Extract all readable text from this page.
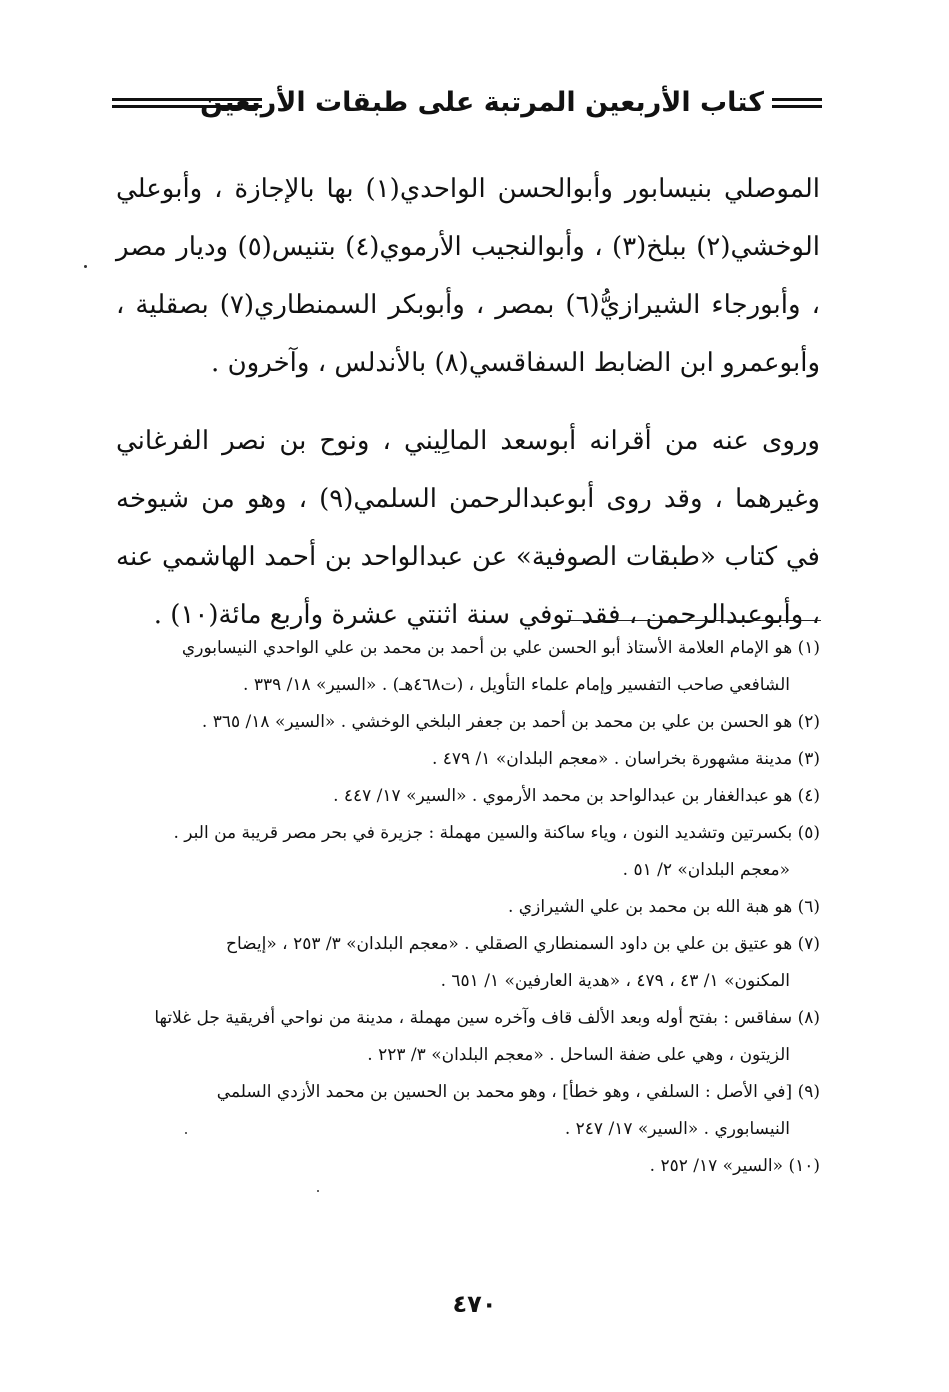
كتاب الأربعين المرتبة على طبقات الأربعين

الموصلي بنيسابور وأبوالحسن الواحدي(١) بها بالإجازة ، وأبوعلي الوخشي(٢) ببلخ(٣) ، وأبوالنجيب الأرموي(٤) بتنيس(٥) وديار مصر ، وأبورجاء الشيرازيُّ(٦) بمصر ، وأبوبكر السمنطاري(٧) بصقلية ، وأبوعمرو ابن الضابط السفاقسي(٨) بالأندلس ، وآخرون .

وروى عنه من أقرانه أبوسعد المالِيني ، ونوح بن نصر الفرغاني وغيرهما ، وقد روى أبوعبدالرحمن السلمي(٩) ، وهو من شيوخه في كتاب «طبقات الصوفية» عن عبدالواحد بن أحمد الهاشمي عنه ، وأبوعبدالرحمن ، فقد توفي سنة اثنتي عشرة وأربع مائة(١٠) .

(١) هو الإمام العلامة الأستاذ أبو الحسن علي بن أحمد بن محمد بن علي الواحدي النيسابوري
الشافعي صاحب التفسير وإمام علماء التأويل ، (ت٤٦٨هـ) . «السير» ١٨/ ٣٣٩ .
(٢) هو الحسن بن علي بن محمد بن أحمد بن جعفر البلخي الوخشي . «السير» ١٨/ ٣٦٥ .
(٣) مدينة مشهورة بخراسان . «معجم البلدان» ١/ ٤٧٩ .
(٤) هو عبدالغفار بن عبدالواحد بن محمد الأرموي . «السير» ١٧/ ٤٤٧ .
(٥) بكسرتين وتشديد النون ، وياء ساكنة والسين مهملة : جزيرة في بحر مصر قريبة من البر .
«معجم البلدان» ٢/ ٥١ .
(٦) هو هبة الله بن محمد بن علي الشيرازي .
(٧) هو عتيق بن علي بن داود السمنطاري الصقلي . «معجم البلدان» ٣/ ٢٥٣ ، «إيضاح
المكنون» ١/ ٤٣ ، ٤٧٩ ، «هدية العارفين» ١/ ٦٥١ .
(٨) سفاقس : بفتح أوله وبعد الألف قاف وآخره سين مهملة ، مدينة من نواحي أفريقية جل غلاتها
الزيتون ، وهي على ضفة الساحل . «معجم البلدان» ٣/ ٢٢٣ .
(٩) [في الأصل : السلفي ، وهو خطأ] ، وهو محمد بن الحسين بن محمد الأزدي السلمي
النيسابوري . «السير» ١٧/ ٢٤٧ .
(١٠) «السير» ١٧/ ٢٥٢ .
٤٧٠
